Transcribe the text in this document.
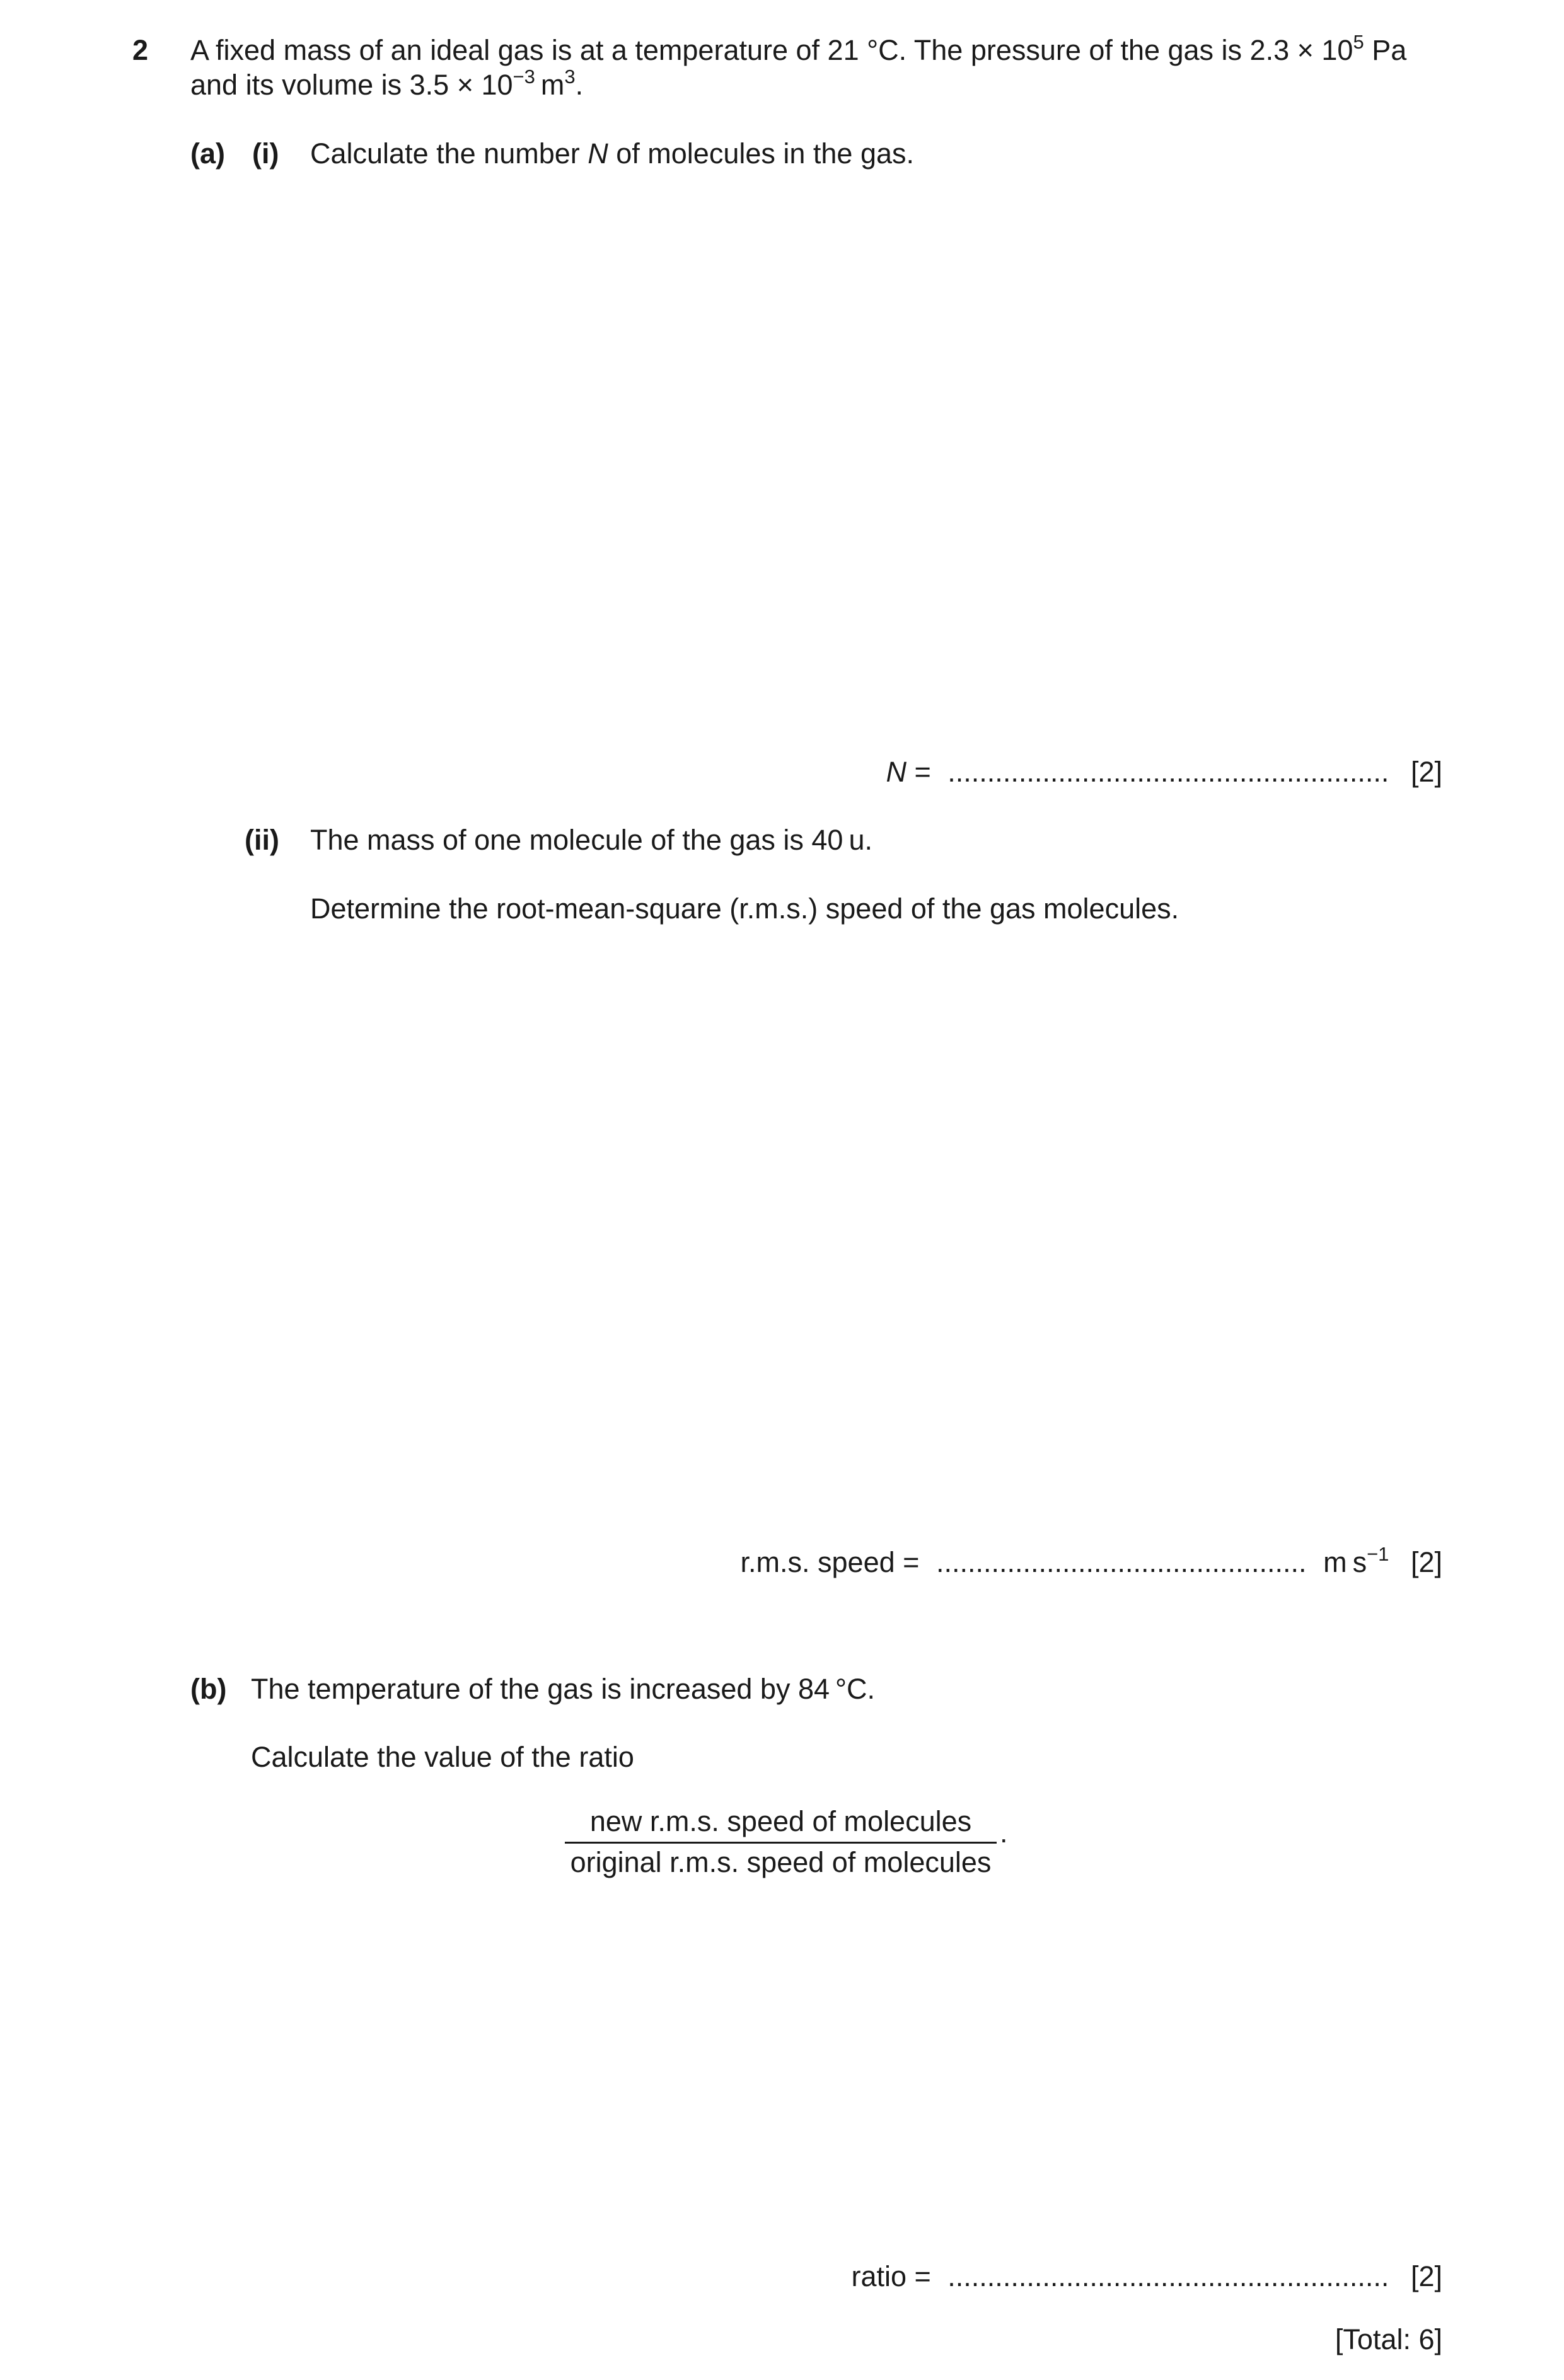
2 A fixed mass of an ideal gas is at a temperature of 21 °C. The pressure of the gas is $2.3 \times 10^5$ Pa
and its volume is $3.5 \times 10^{-3}$ $m^3$.
(a) (i) Calculate the number N of molecules in the gas.
N = ........................................................ [2]
(ii) The mass of one molecule of the gas is 40 u.
Determine the root-mean-square (r.m.s.) speed of the gas molecules.
r.m.s. speed = ............................................... m $s^{-1}$ [2]
(b) The temperature of the gas is increased by 84 °C.
Calculate the value of the ratio
new r.m.s. speed of molecules
original r.m.s. speed of molecules
.
ratio = ........................................................ [2]
[Total: 6]
